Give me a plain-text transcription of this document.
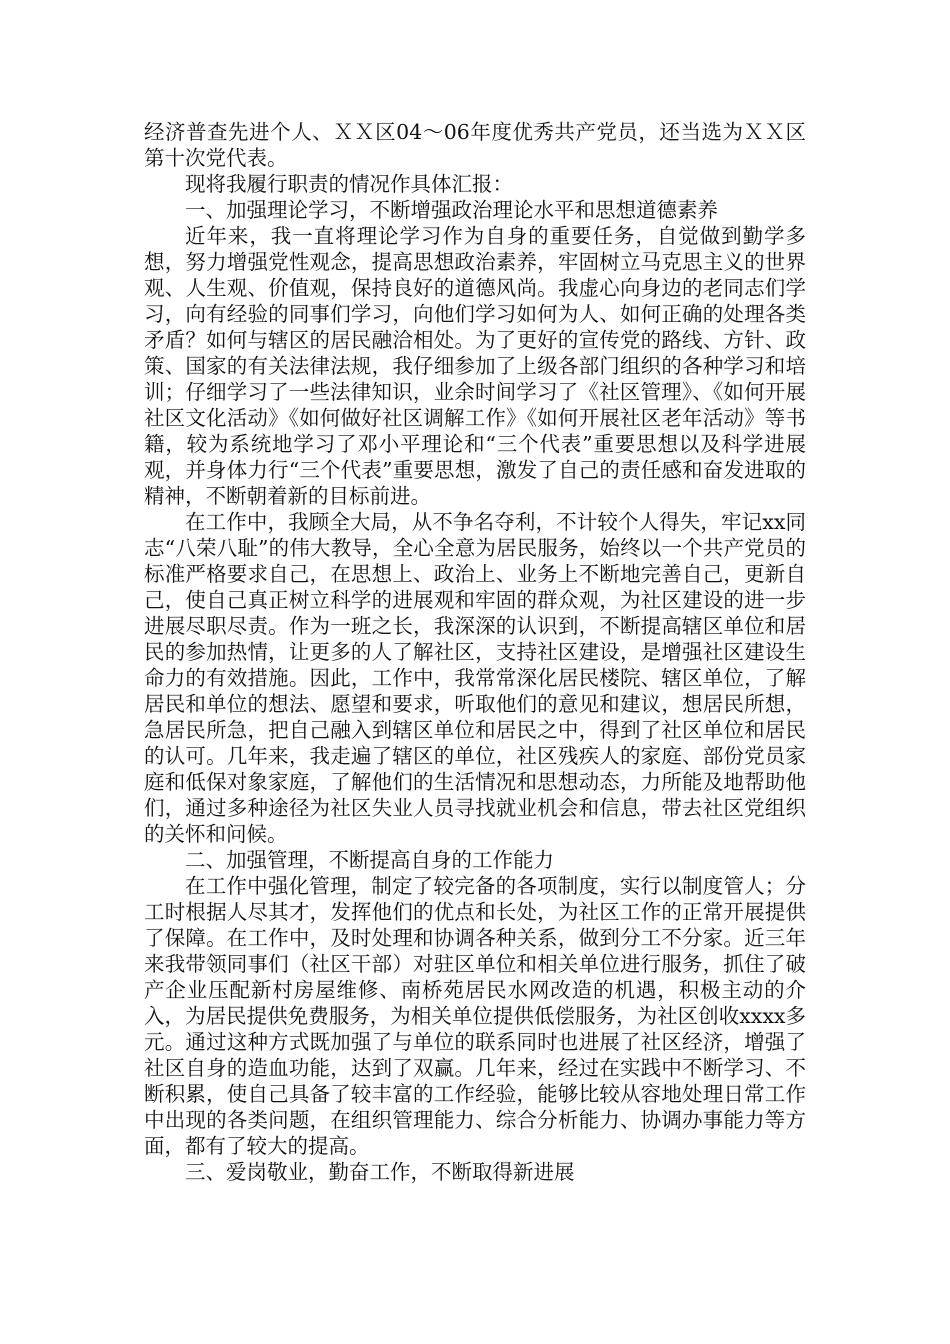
经济普查先进个人、ＸＸ区04～06年度优秀共产党员，还当选为ＸＸ区第十次党代表。

现将我履行职责的情况作具体汇报：

一、加强理论学习，不断增强政治理论水平和思想道德素养

近年来，我一直将理论学习作为自身的重要任务，自觉做到勤学多想，努力增强党性观念，提高思想政治素养，牢固树立马克思主义的世界观、人生观、价值观，保持良好的道德风尚。我虚心向身边的老同志们学习，向有经验的同事们学习，向他们学习如何为人、如何正确的处理各类矛盾？如何与辖区的居民融洽相处。为了更好的宣传党的路线、方针、政策、国家的有关法律法规，我仔细参加了上级各部门组织的各种学习和培训；仔细学习了一些法律知识，业余时间学习了《社区管理》、《如何开展社区文化活动》《如何做好社区调解工作》《如何开展社区老年活动》等书籍，较为系统地学习了邓小平理论和“三个代表”重要思想以及科学进展观，并身体力行“三个代表”重要思想，激发了自己的责任感和奋发进取的精神，不断朝着新的目标前进。

在工作中，我顾全大局，从不争名夺利，不计较个人得失，牢记xx同志“八荣八耻”的伟大教导，全心全意为居民服务，始终以一个共产党员的标准严格要求自己，在思想上、政治上、业务上不断地完善自己，更新自己，使自己真正树立科学的进展观和牢固的群众观，为社区建设的进一步进展尽职尽责。作为一班之长，我深深的认识到，不断提高辖区单位和居民的参加热情，让更多的人了解社区，支持社区建设，是增强社区建设生命力的有效措施。因此，工作中，我常常深化居民楼院、辖区单位，了解居民和单位的想法、愿望和要求，听取他们的意见和建议，想居民所想，急居民所急，把自己融入到辖区单位和居民之中，得到了社区单位和居民的认可。几年来，我走遍了辖区的单位，社区残疾人的家庭、部份党员家庭和低保对象家庭，了解他们的生活情况和思想动态，力所能及地帮助他们，通过多种途径为社区失业人员寻找就业机会和信息，带去社区党组织的关怀和问候。

二、加强管理，不断提高自身的工作能力

在工作中强化管理，制定了较完备的各项制度，实行以制度管人；分工时根据人尽其才，发挥他们的优点和长处，为社区工作的正常开展提供了保障。在工作中，及时处理和协调各种关系，做到分工不分家。近三年来我带领同事们（社区干部）对驻区单位和相关单位进行服务，抓住了破产企业压配新村房屋维修、南桥苑居民水网改造的机遇，积极主动的介入，为居民提供免费服务，为相关单位提供低偿服务，为社区创收xxxx多元。通过这种方式既加强了与单位的联系同时也进展了社区经济，增强了社区自身的造血功能，达到了双赢。几年来，经过在实践中不断学习、不断积累，使自己具备了较丰富的工作经验，能够比较从容地处理日常工作中出现的各类问题，在组织管理能力、综合分析能力、协调办事能力等方面，都有了较大的提高。

三、爱岗敬业，勤奋工作，不断取得新进展
